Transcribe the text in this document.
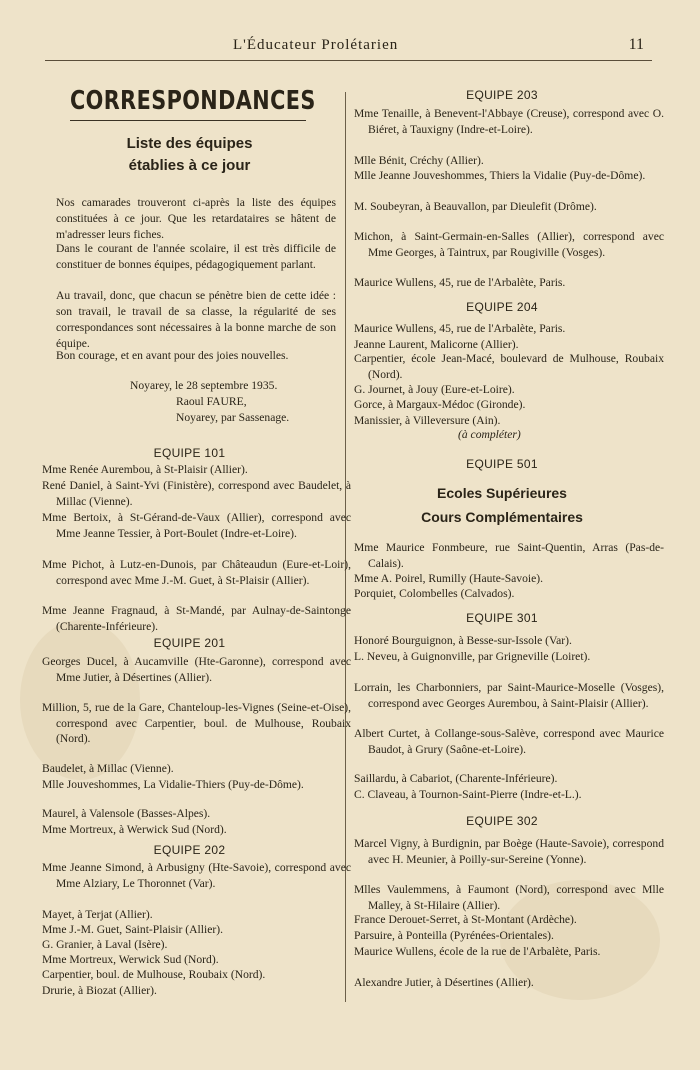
L'Éducateur Prolétarien	11
CORRESPONDANCES
Liste des équipes
établies à ce jour
Nos camarades trouveront ci-après la liste des équipes constituées à ce jour. Que les retardataires se hâtent de m'adresser leurs fiches.
Dans le courant de l'année scolaire, il est très difficile de constituer de bonnes équipes, pédagogiquement parlant.
Au travail, donc, que chacun se pénètre bien de cette idée : son travail, le travail de sa classe, la régularité de ses correspondances sont nécessaires à la bonne marche de son équipe.
Bon courage, et en avant pour des joies nouvelles.
Noyarey, le 28 septembre 1935.
Raoul FAURE,
Noyarey, par Sassenage.
EQUIPE 101
Mme Renée Aurembou, à St-Plaisir (Allier).
René Daniel, à Saint-Yvi (Finistère), correspond avec Baudelet, à Millac (Vienne).
Mme Bertoix, à St-Gérand-de-Vaux (Allier), correspond avec Mme Jeanne Tessier, à Port-Boulet (Indre-et-Loire).
Mme Pichot, à Lutz-en-Dunois, par Châteaudun (Eure-et-Loir), correspond avec Mme J.-M. Guet, à St-Plaisir (Allier).
Mme Jeanne Fragnaud, à St-Mandé, par Aulnay-de-Saintonge (Charente-Inférieure).
EQUIPE 201
Georges Ducel, à Aucamville (Hte-Garonne), correspond avec Mme Jutier, à Désertines (Allier).
Million, 5, rue de la Gare, Chanteloup-les-Vignes (Seine-et-Oise), correspond avec Carpentier, boul. de Mulhouse, Roubaix (Nord).
Baudelet, à Millac (Vienne).
Mlle Jouveshommes, La Vidalie-Thiers (Puy-de-Dôme).
Maurel, à Valensole (Basses-Alpes).
Mme Mortreux, à Werwick Sud (Nord).
EQUIPE 202
Mme Jeanne Simond, à Arbusigny (Hte-Savoie), correspond avec Mme Alziary, Le Thoronnet (Var).
Mayet, à Terjat (Allier).
Mme J.-M. Guet, Saint-Plaisir (Allier).
G. Granier, à Laval (Isère).
Mme Mortreux, Werwick Sud (Nord).
Carpentier, boul. de Mulhouse, Roubaix (Nord).
Drurie, à Biozat (Allier).
EQUIPE 203
Mme Tenaille, à Benevent-l'Abbaye (Creuse), correspond avec O. Biéret, à Tauxigny (Indre-et-Loire).
Mlle Bénit, Créchy (Allier).
Mlle Jeanne Jouveshommes, Thiers la Vidalie (Puy-de-Dôme).
M. Soubeyran, à Beauvallon, par Dieulefit (Drôme).
Michon, à Saint-Germain-en-Salles (Allier), correspond avec Mme Georges, à Taintrux, par Rougiville (Vosges).
Maurice Wullens, 45, rue de l'Arbalète, Paris.
EQUIPE 204
Maurice Wullens, 45, rue de l'Arbalète, Paris.
Jeanne Laurent, Malicorne (Allier).
Carpentier, école Jean-Macé, boulevard de Mulhouse, Roubaix (Nord).
G. Journet, à Jouy (Eure-et-Loire).
Gorce, à Margaux-Médoc (Gironde).
Manissier, à Villeversure (Ain).
(à compléter)
EQUIPE 501
Ecoles Supérieures
Cours Complémentaires
Mme Maurice Fonmbeure, rue Saint-Quentin, Arras (Pas-de-Calais).
Mme A. Poirel, Rumilly (Haute-Savoie).
Porquiet, Colombelles (Calvados).
EQUIPE 301
Honoré Bourguignon, à Besse-sur-Issole (Var).
L. Neveu, à Guignonville, par Grigneville (Loiret).
Lorrain, les Charbonniers, par Saint-Maurice-Moselle (Vosges), correspond avec Georges Aurembou, à Saint-Plaisir (Allier).
Albert Curtet, à Collange-sous-Salève, correspond avec Maurice Baudot, à Grury (Saône-et-Loire).
Saillardu, à Cabariot, (Charente-Inférieure).
C. Claveau, à Tournon-Saint-Pierre (Indre-et-L.).
EQUIPE 302
Marcel Vigny, à Burdignin, par Boège (Haute-Savoie), correspond avec H. Meunier, à Poilly-sur-Sereine (Yonne).
Mlles Vaulemmens, à Faumont (Nord), correspond avec Mlle Malley, à St-Hilaire (Allier).
France Derouet-Serret, à St-Montant (Ardèche).
Parsuire, à Ponteilla (Pyrénées-Orientales).
Maurice Wullens, école de la rue de l'Arbalète, Paris.
Alexandre Jutier, à Désertines (Allier).
